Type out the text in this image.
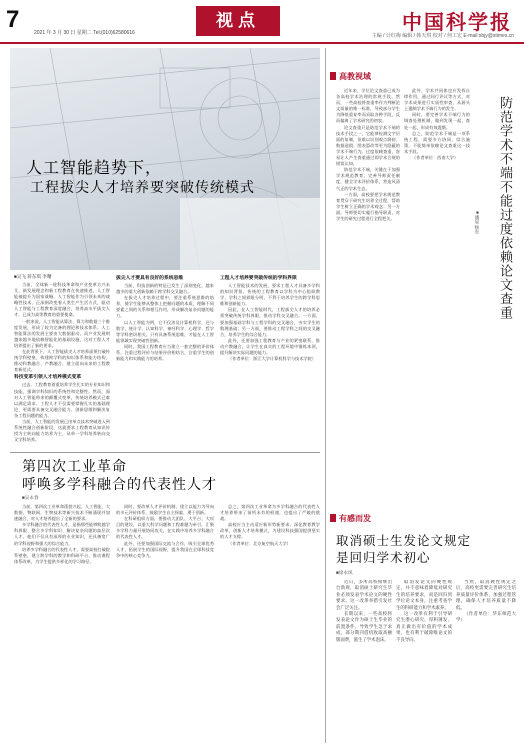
7	2021 年 3 月 30 日 星期二 Tel:(010)62580616
视点	中国科学报
主编 / 计红梅 编辑 / 韩天琪 校对 / 何工宏 E-mail:xbjy@stimes.cn
人工智能趋势下，
工程拔尖人才培养要突破传统模式
■吴飞 蒋东琪 李曙
当前，全球新一轮科技革命和产业变革方兴未艾，新发展理念和新工程教育在快速推进，人工智能被提升为国家战略。人工智能作为引领未来的战略性技术，正深刻改变着人类生产生活方式，驱动人工智能与工程教育深度融合，培养高水平拔尖人才，已成为高等教育的重要使命。
一般来说，人工智能从算法、算力和数据三个维度发展，形成了较为完备的理论和技术体系。人工智能算法的发展主要由大数据驱动，而产业发展则越来越多地依赖智能化的基础设施，这对工程人才培养提出了新的要求。
在此背景下，人工智能拔尖人才培养亟须打破传统学科壁垒，构建跨学科的知识体系和能力结构，推动科教融合、产教融合，建立面向未来的工程教育新范式。
科技变革引领人才培养模式变革
过去，工程教育着重培养学生扎实的专业知识和技能，强调学科知识的系统性和完整性。然而，面对人工智能带来的颠覆式变革，传统培养模式已难以满足需求。工程人才不仅需要掌握扎实的基础理论，更需要具备交叉融合能力、创新思维和解决复杂工程问题的能力。
当前，人工智能的发展已由单点技术突破进入到系统性融合创新阶段，这就要求工程教育从知识传授为主转向能力培养为主，从单一学科培养转向交叉学科培养。
拔尖人才要具有良好的系统思维
当前，科技创新的特征已发生了深刻变化，越来越多的重大创新依赖于跨学科交叉融合。
在拔尖人才培养过程中，要注重系统思维的培养，使学生能够从整体上把握问题的本质，理解不同要素之间的关系和相互作用，形成解决复杂问题的能力。
以人工智能为例，它不仅涉及计算机科学，还与数学、统计学、认知科学、神经科学、心理学、哲学等学科密切相关。只有具备系统思维，才能在人工智能领域实现突破性创新。
同时，我国工程教育应当建立一套完整的评价体系，注重过程评价与结果评价相结合，注重学生的创新能力和实践能力的培养。
工程人才培养要突破传统的学科界限
人工智能技术的发展，要求工程人才具备多学科的知识背景。传统的工程教育以学科为中心组织教学，学科之间界限分明，不利于培养学生的跨学科思维和创新能力。
因此，在人工智能时代，工程拔尖人才的培养必须突破传统学科界限，推动学科交叉融合。一方面，要加强基础学科与工程学科的交叉融合，夯实学生的数理基础；另一方面，要推动工程学科之间的交叉融合，培养学生的综合能力。
此外，还要加强工程教育与产业的紧密联系，推动产教融合，让学生在真实的工程环境中锤炼本领，提升解决实际问题的能力。
（作者单位：浙江大学计算机科学与技术学院）
第四次工业革命
呼唤多学科融合的代表性人才
■吴永春
当前，第四次工业革命蓬勃兴起，人工智能、大数据、物联网、生物技术等新兴技术不断涌现并加速融合，对人才培养提出了全新的要求。
多学科融合的代表性人才，是指那些能够跨越学科界限、整合多学科知识、解决复杂问题的高层次人才。他们不仅具有深厚的专业知识，还具备宽广的学科视野和强大的综合能力。
培养多学科融合的代表性人才，需要高校打破院系壁垒，建立跨学科的教学和科研平台，推动课程体系改革，为学生提供多样化的学习路径。
同时，要改革人才评价机制，建立以能力为导向的多元评价体系，鼓励学生自主探索、勇于创新。
在科研组织方面，要推动大团队、大平台、大项目的建设，以重大科学问题和工程难题为牵引，汇聚多学科力量开展协同攻关，在实践中培养多学科融合的代表性人才。
此外，还要加强国际交流与合作，吸引全球优秀人才，拓展学生的国际视野，提升我国在全球科技竞争中的核心竞争力。
总之，第四次工业革命为多学科融合的代表性人才培养带来了前所未有的机遇，也提出了严峻的挑战。
高校应当主动适应新形势新要求，深化教育教学改革，创新人才培养模式，为建设科技强国提供坚实的人才支撑。
（作者单位：北京航空航天大学）
高教视域
防范学术不端不能过度依赖论文查重
■潘星 杨东
近年来，学位论文查重已成为各高校学术治理的常规手段。然而，一些高校将查重率作为判断论文质量的唯一标准，导致部分学生为降低重复率而采取各种手段，反而偏离了学术研究的初衷。
论文查重只是防范学术不端的技术手段之一，它能够检测文字层面的复制，但难以识别观点剽窃、数据造假、图表篡改等更为隐蔽的学术不端行为。过度依赖查重，容易让人产生查重通过即学术合规的错误认知。
防范学术不端，关键在于加强学术规范教育，完善导师责任制度，健全学术评价体系，营造风清气正的学术生态。
一方面，高校要把学术规范教育贯穿于研究生培养全过程，帮助学生树立正确的学术观念；另一方面，导师要切实履行指导职责，对学生的研究过程进行全程把关。
此外，学术共同体也应发挥自律作用，通过同行评议等方式，对学术成果进行实质性审查，从源头上遏制学术不端行为的发生。
同时，要完善学术不端行为的调查处理机制，做到发现一起、查处一起，形成有效震慑。
总之，防范学术不端是一项系统工程，需要多方协同、综合施策，不能简单依赖论文查重这一技术手段。
（作者单位：西南大学）
有感而发
取消硕士生发论文规定
是回归学术初心
■徐永风
近日，多所高校相继出台新规，取消硕士研究生毕业必须发表学术论文的硬性要求。这一改革举措引发社会广泛关注。
长期以来，一些高校将发表论文作为硕士生毕业的前置条件，导致学生急于求成，部分期刊借机收取高额版面费，滋生了学术泡沫。
取消发论文的硬性规定，并不意味着降低对研究生的培养要求，而是回归到学位论文本身，注重考查学生的科研能力和学术素养。
这一改革有利于引导研究生潜心研究、厚积薄发，真正做出有价值的学术成果，也有利于破除唯论文的不良导向。
当然，取消硬性规定之后，高校更需要完善研究生培养质量评价体系，加强过程管理，确保人才培养质量不降低。
（作者单位：华东师范大学）
